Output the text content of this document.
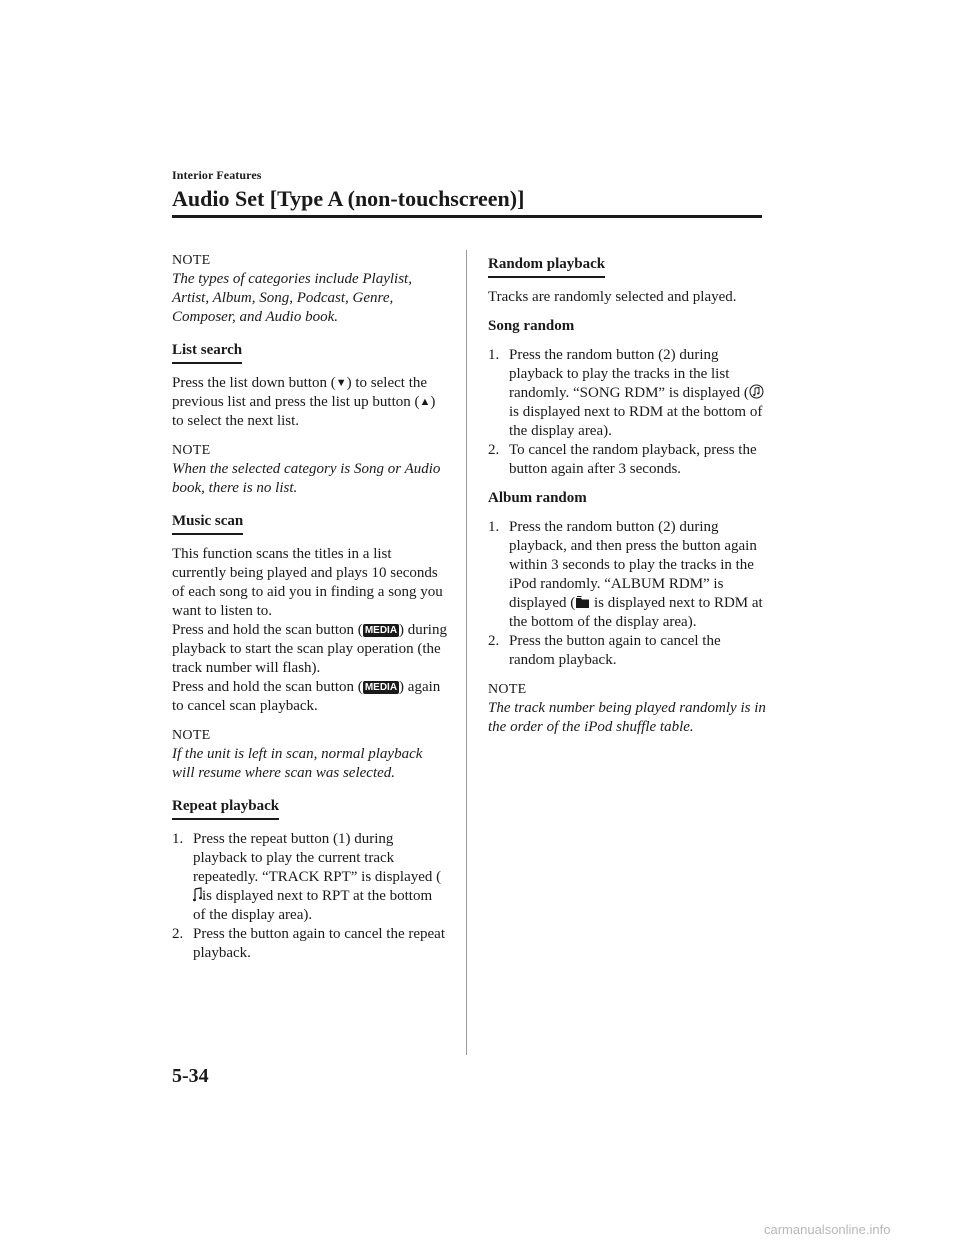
Interior Features
Audio Set [Type A (non-touchscreen)]
NOTE
The types of categories include Playlist, Artist, Album, Song, Podcast, Genre, Composer, and Audio book.
List search

Press the list down button (▼) to select the previous list and press the list up button (▲) to select the next list.

NOTE
When the selected category is Song or Audio book, there is no list.
Music scan
This function scans the titles in a list currently being played and plays 10 seconds of each song to aid you in finding a song you want to listen to.
Press and hold the scan button ( MEDIA ) during playback to start the scan play operation (the track number will flash).
Press and hold the scan button ( MEDIA ) again to cancel scan playback.
NOTE
If the unit is left in scan, normal playback will resume where scan was selected.
Repeat playback
1. Press the repeat button (1) during playback to play the current track repeatedly. “TRACK RPT” is displayed (is displayed next to RPT at the bottom of the display area).
2. Press the button again to cancel the repeat playback.
Random playback

Tracks are randomly selected and played.

Song random
1. Press the random button (2) during playback to play the tracks in the list randomly. “SONG RDM” is displayed ( is displayed next to RDM at the bottom of the display area).
2. To cancel the random playback, press the button again after 3 seconds.
Album random
1. Press the random button (2) during playback, and then press the button again within 3 seconds to play the tracks in the iPod randomly. “ALBUM RDM” is displayed ( is displayed next to RDM at the bottom of the display area).
2. Press the button again to cancel the random playback.
NOTE
The track number being played randomly is in the order of the iPod shuffle table.
5-34
carmanualsonline.info
